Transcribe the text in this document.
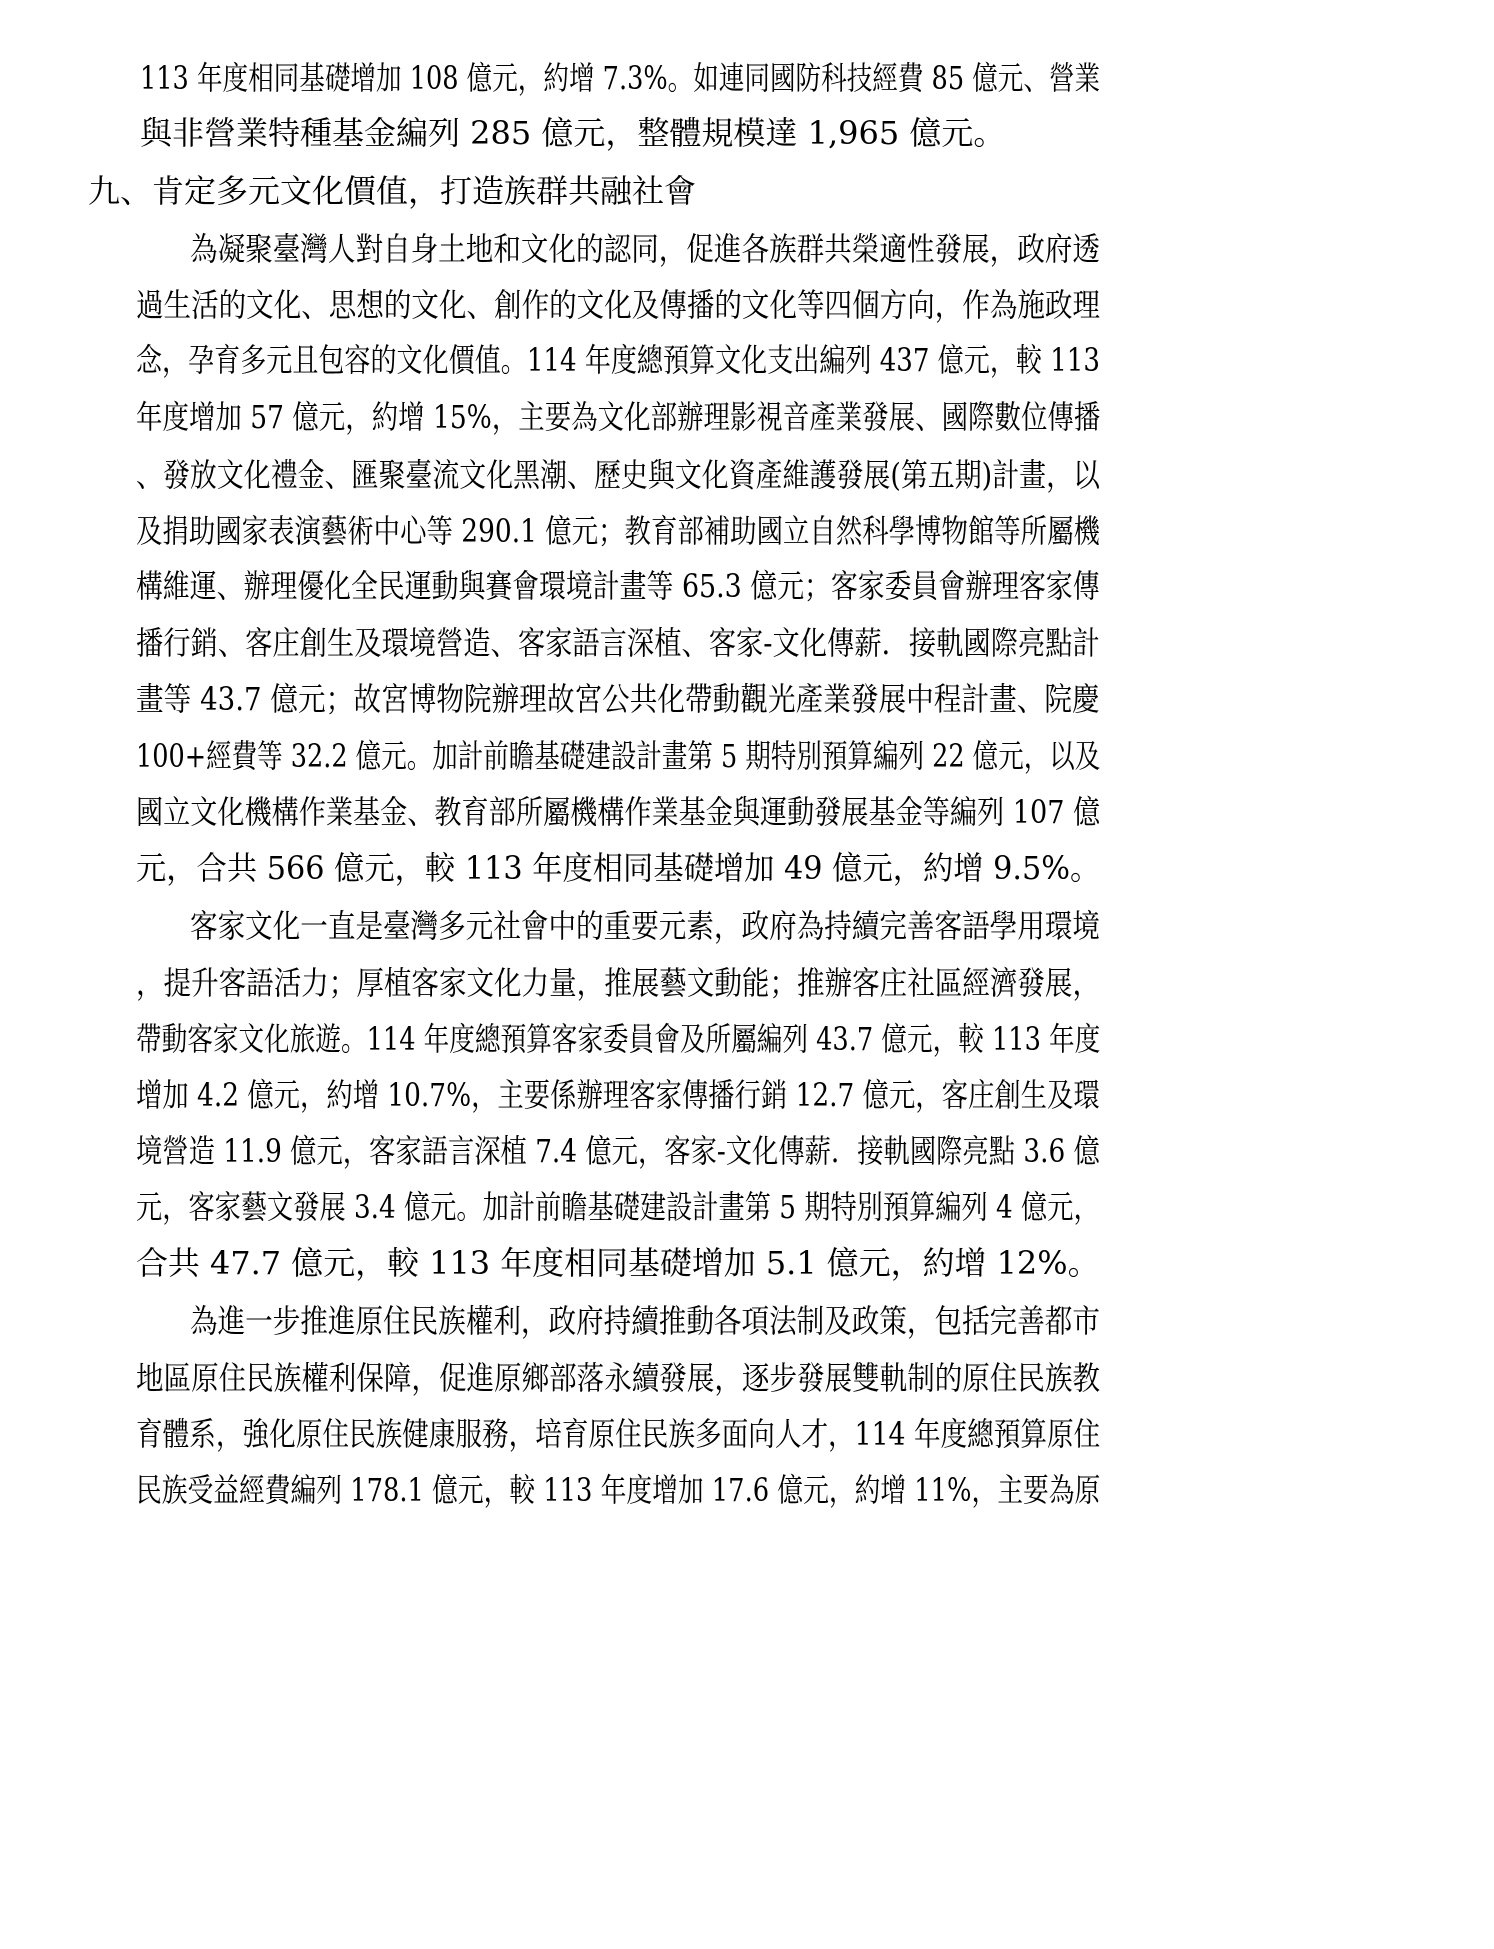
113 年度相同基礎增加 108 億元，約增 7.3%。如連同國防科技經費 85 億元、營業
與非營業特種基金編列 285 億元，整體規模達 1,965 億元。
九、肯定多元文化價值，打造族群共融社會
為凝聚臺灣人對自身土地和文化的認同，促進各族群共榮適性發展，政府透
過生活的文化、思想的文化、創作的文化及傳播的文化等四個方向，作為施政理
念，孕育多元且包容的文化價值。114 年度總預算文化支出編列 437 億元，較 113
年度增加 57 億元，約增 15%，主要為文化部辦理影視音產業發展、國際數位傳播
、發放文化禮金、匯聚臺流文化黑潮、歷史與文化資產維護發展(第五期)計畫，以
及捐助國家表演藝術中心等 290.1 億元；教育部補助國立自然科學博物館等所屬機
構維運、辦理優化全民運動與賽會環境計畫等 65.3 億元；客家委員會辦理客家傳
播行銷、客庄創生及環境營造、客家語言深植、客家-文化傳薪．接軌國際亮點計
畫等 43.7 億元；故宮博物院辦理故宮公共化帶動觀光產業發展中程計畫、院慶
100+經費等 32.2 億元。加計前瞻基礎建設計畫第 5 期特別預算編列 22 億元，以及
國立文化機構作業基金、教育部所屬機構作業基金與運動發展基金等編列 107 億
元，合共 566 億元，較 113 年度相同基礎增加 49 億元，約增 9.5%。
客家文化一直是臺灣多元社會中的重要元素，政府為持續完善客語學用環境
，提升客語活力；厚植客家文化力量，推展藝文動能；推辦客庄社區經濟發展，
帶動客家文化旅遊。114 年度總預算客家委員會及所屬編列 43.7 億元，較 113 年度
增加 4.2 億元，約增 10.7%，主要係辦理客家傳播行銷 12.7 億元，客庄創生及環
境營造 11.9 億元，客家語言深植 7.4 億元，客家-文化傳薪．接軌國際亮點 3.6 億
元，客家藝文發展 3.4 億元。加計前瞻基礎建設計畫第 5 期特別預算編列 4 億元，
合共 47.7 億元，較 113 年度相同基礎增加 5.1 億元，約增 12%。
為進一步推進原住民族權利，政府持續推動各項法制及政策，包括完善都市
地區原住民族權利保障，促進原鄉部落永續發展，逐步發展雙軌制的原住民族教
育體系，強化原住民族健康服務，培育原住民族多面向人才，114 年度總預算原住
民族受益經費編列 178.1 億元，較 113 年度增加 17.6 億元，約增 11%，主要為原
